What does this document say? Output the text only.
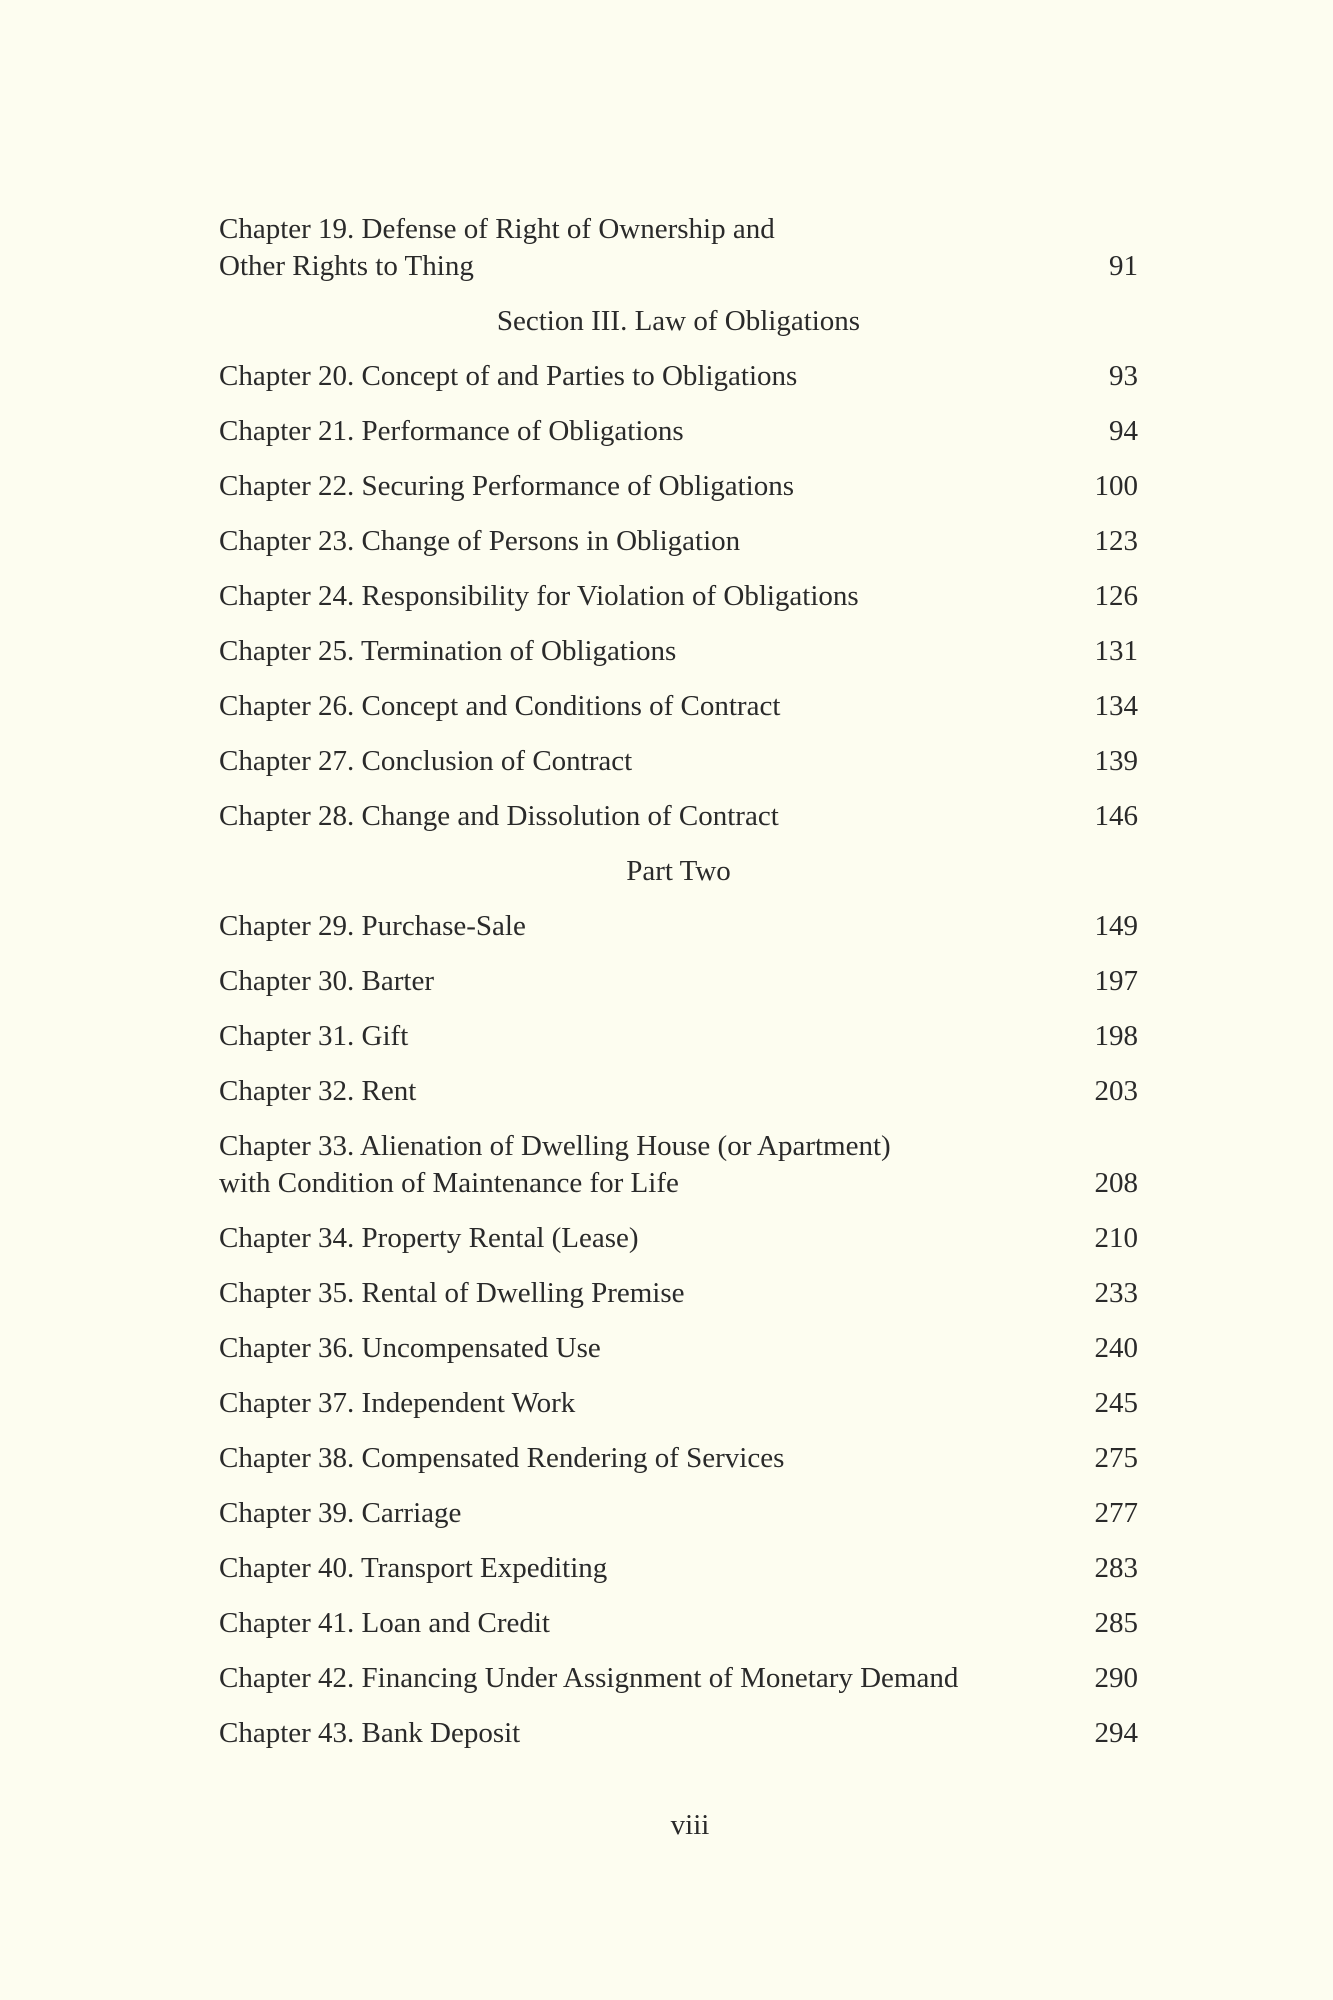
Chapter 19. Defense of Right of Ownership and
Other Rights to Thing	91
Section III. Law of Obligations
Chapter 20. Concept of and Parties to Obligations	93
Chapter 21. Performance of Obligations	94
Chapter 22. Securing Performance of Obligations	100
Chapter 23. Change of Persons in Obligation	123
Chapter 24. Responsibility for Violation of Obligations	126
Chapter 25. Termination of Obligations	131
Chapter 26. Concept and Conditions of Contract	134
Chapter 27. Conclusion of Contract	139
Chapter 28. Change and Dissolution of Contract	146
Part Two
Chapter 29. Purchase-Sale	149
Chapter 30. Barter	197
Chapter 31. Gift	198
Chapter 32. Rent	203
Chapter 33. Alienation of Dwelling House (or Apartment)
with Condition of Maintenance for Life	208
Chapter 34. Property Rental (Lease)	210
Chapter 35. Rental of Dwelling Premise	233
Chapter 36. Uncompensated Use	240
Chapter 37. Independent Work	245
Chapter 38. Compensated Rendering of Services	275
Chapter 39. Carriage	277
Chapter 40. Transport Expediting	283
Chapter 41. Loan and Credit	285
Chapter 42. Financing Under Assignment of Monetary Demand	290
Chapter 43. Bank Deposit	294
viii
